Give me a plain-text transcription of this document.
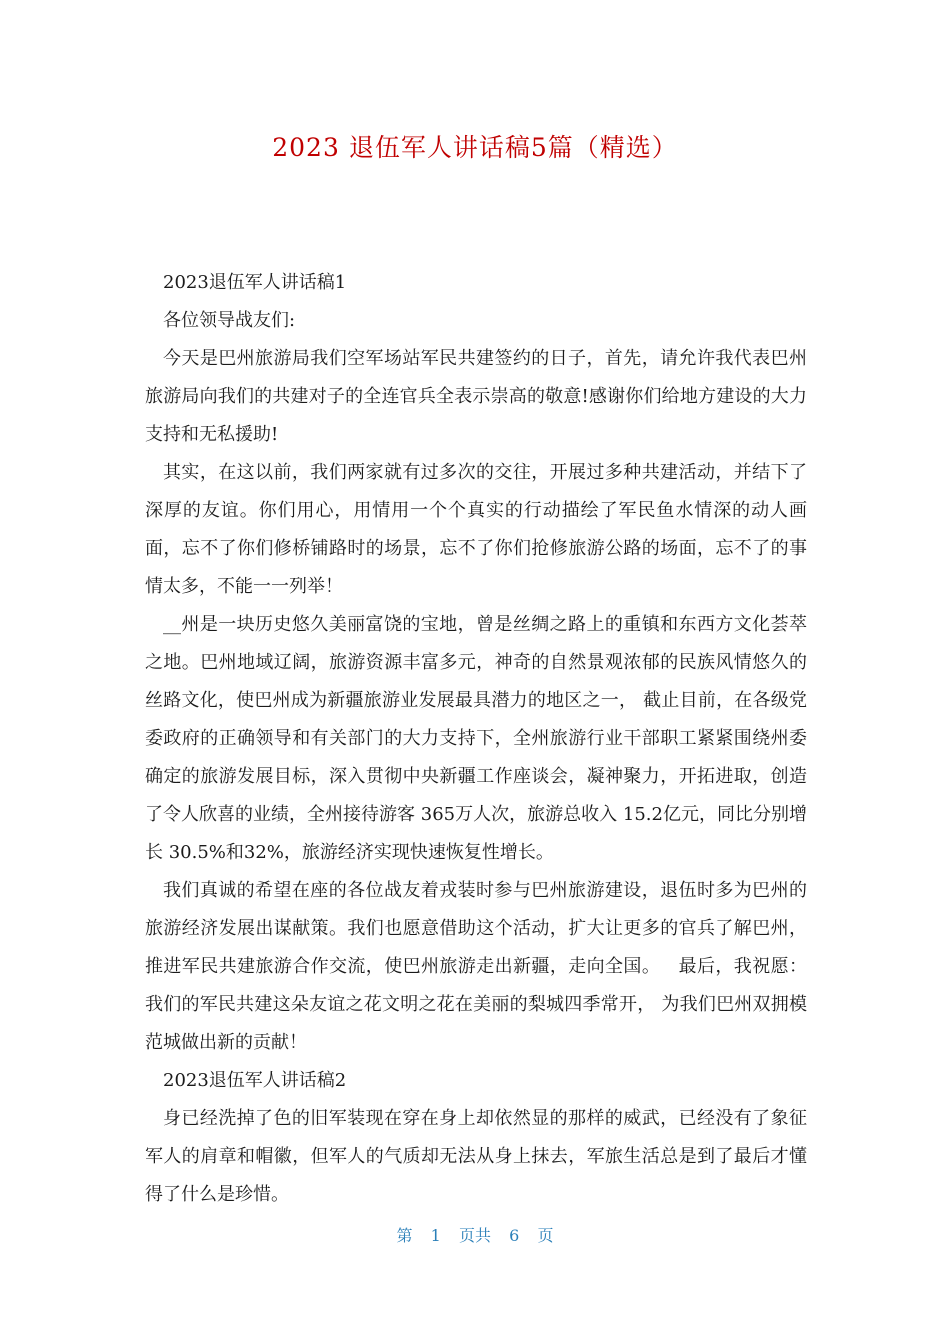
2023 退伍军人讲话稿5篇（精选）

2023退伍军人讲话稿1

各位领导战友们:

今天是巴州旅游局我们空军场站军民共建签约的日子，首先，请允许我代表巴州旅游局向我们的共建对子的全连官兵全表示崇高的敬意!感谢你们给地方建设的大力支持和无私援助!

其实，在这以前，我们两家就有过多次的交往，开展过多种共建活动，并结下了深厚的友谊。你们用心，用情用一个个真实的行动描绘了军民鱼水情深的动人画面，忘不了你们修桥铺路时的场景，忘不了你们抢修旅游公路的场面，忘不了的事情太多，不能一一列举！

__州是一块历史悠久美丽富饶的宝地，曾是丝绸之路上的重镇和东西方文化荟萃之地。巴州地域辽阔，旅游资源丰富多元，神奇的自然景观浓郁的民族风情悠久的丝路文化，使巴州成为新疆旅游业发展最具潜力的地区之一， 截止目前，在各级党委政府的正确领导和有关部门的大力支持下，全州旅游行业干部职工紧紧围绕州委确定的旅游发展目标，深入贯彻中央新疆工作座谈会，凝神聚力，开拓进取，创造了令人欣喜的业绩，全州接待游客 365万人次，旅游总收入 15.2亿元，同比分别增长 30.5%和32%，旅游经济实现快速恢复性增长。

我们真诚的希望在座的各位战友着戎装时参与巴州旅游建设，退伍时多为巴州的旅游经济发展出谋献策。我们也愿意借助这个活动，扩大让更多的官兵了解巴州，推进军民共建旅游合作交流，使巴州旅游走出新疆，走向全国。   最后，我祝愿：我们的军民共建这朵友谊之花文明之花在美丽的梨城四季常开， 为我们巴州双拥模范城做出新的贡献！

2023退伍军人讲话稿2

身已经洗掉了色的旧军装现在穿在身上却依然显的那样的威武，已经没有了象征军人的肩章和帽徽，但军人的气质却无法从身上抹去，军旅生活总是到了最后才懂得了什么是珍惜。

第  1  页共  6  页
